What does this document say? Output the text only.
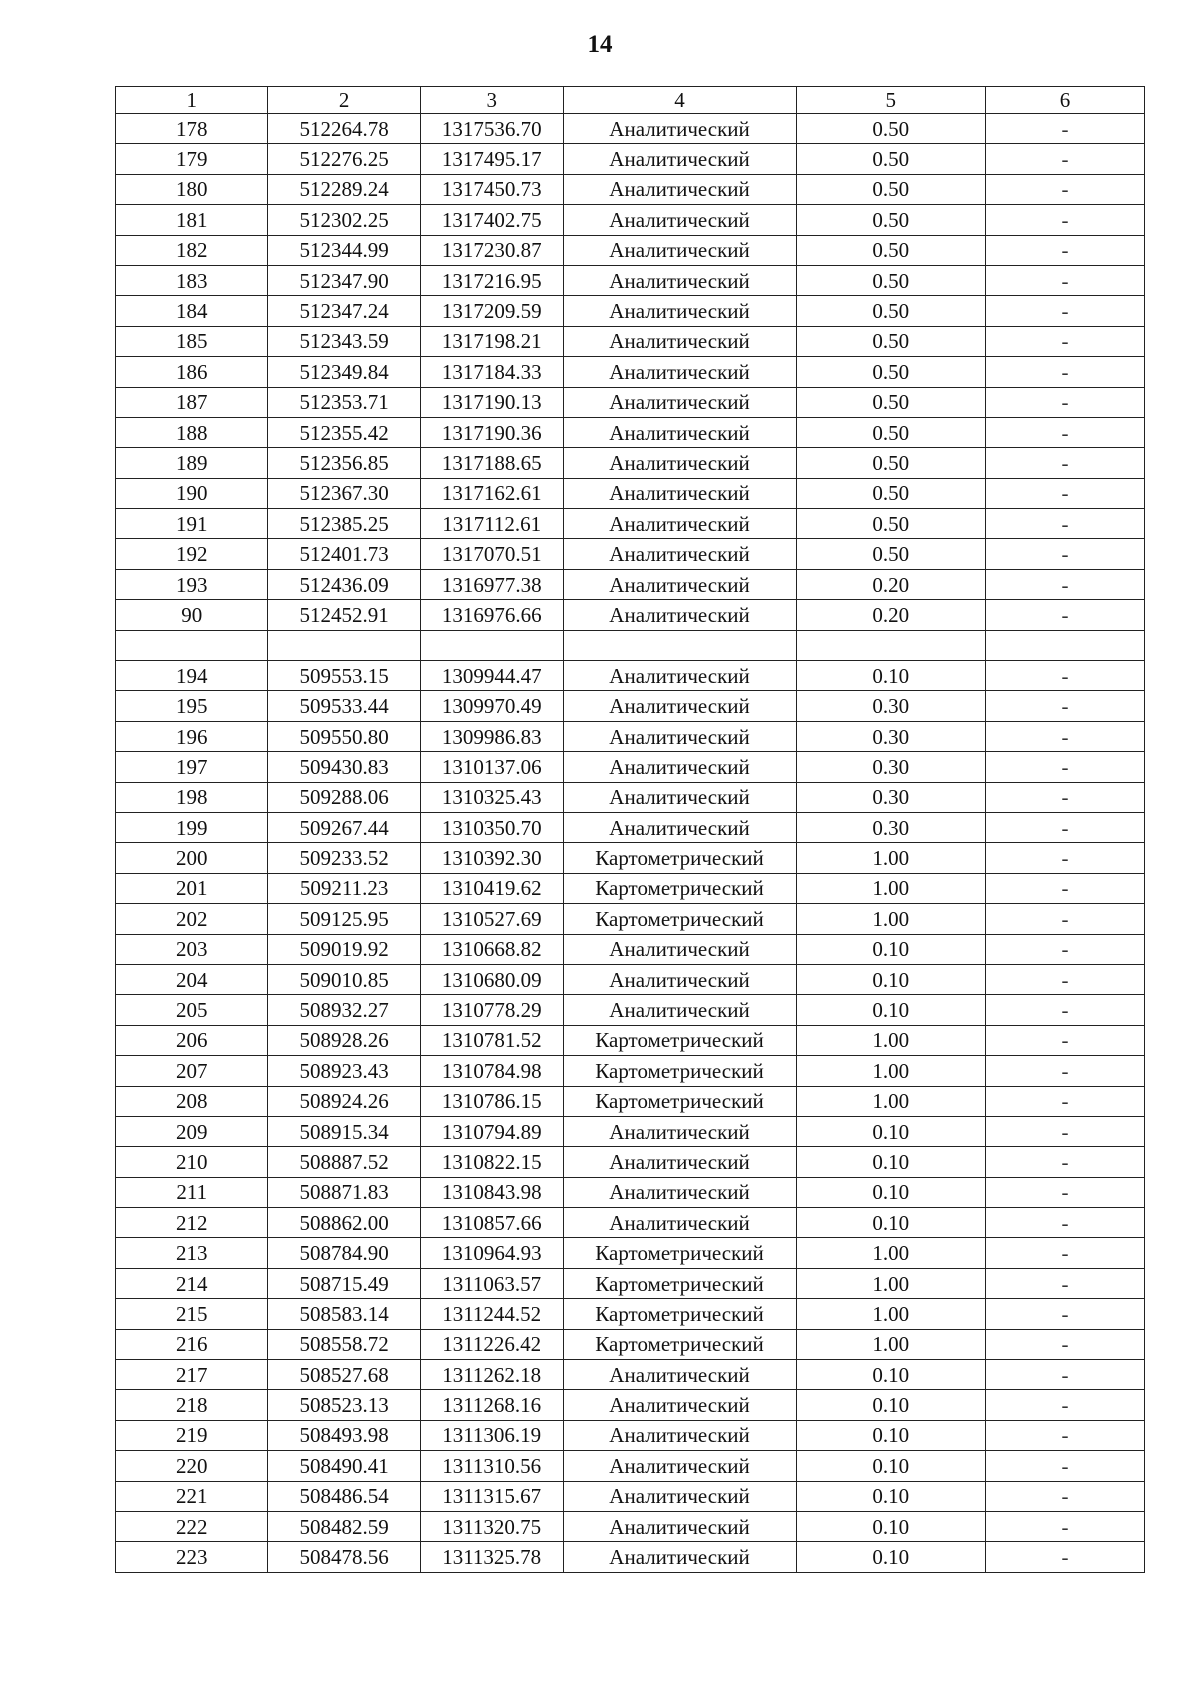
14
1	2	3	4	5	6
178	512264.78	1317536.70	Аналитический	0.50	-
179	512276.25	1317495.17	Аналитический	0.50	-
180	512289.24	1317450.73	Аналитический	0.50	-
181	512302.25	1317402.75	Аналитический	0.50	-
182	512344.99	1317230.87	Аналитический	0.50	-
183	512347.90	1317216.95	Аналитический	0.50	-
184	512347.24	1317209.59	Аналитический	0.50	-
185	512343.59	1317198.21	Аналитический	0.50	-
186	512349.84	1317184.33	Аналитический	0.50	-
187	512353.71	1317190.13	Аналитический	0.50	-
188	512355.42	1317190.36	Аналитический	0.50	-
189	512356.85	1317188.65	Аналитический	0.50	-
190	512367.30	1317162.61	Аналитический	0.50	-
191	512385.25	1317112.61	Аналитический	0.50	-
192	512401.73	1317070.51	Аналитический	0.50	-
193	512436.09	1316977.38	Аналитический	0.20	-
90	512452.91	1316976.66	Аналитический	0.20	-

194	509553.15	1309944.47	Аналитический	0.10	-
195	509533.44	1309970.49	Аналитический	0.30	-
196	509550.80	1309986.83	Аналитический	0.30	-
197	509430.83	1310137.06	Аналитический	0.30	-
198	509288.06	1310325.43	Аналитический	0.30	-
199	509267.44	1310350.70	Аналитический	0.30	-
200	509233.52	1310392.30	Картометрический	1.00	-
201	509211.23	1310419.62	Картометрический	1.00	-
202	509125.95	1310527.69	Картометрический	1.00	-
203	509019.92	1310668.82	Аналитический	0.10	-
204	509010.85	1310680.09	Аналитический	0.10	-
205	508932.27	1310778.29	Аналитический	0.10	-
206	508928.26	1310781.52	Картометрический	1.00	-
207	508923.43	1310784.98	Картометрический	1.00	-
208	508924.26	1310786.15	Картометрический	1.00	-
209	508915.34	1310794.89	Аналитический	0.10	-
210	508887.52	1310822.15	Аналитический	0.10	-
211	508871.83	1310843.98	Аналитический	0.10	-
212	508862.00	1310857.66	Аналитический	0.10	-
213	508784.90	1310964.93	Картометрический	1.00	-
214	508715.49	1311063.57	Картометрический	1.00	-
215	508583.14	1311244.52	Картометрический	1.00	-
216	508558.72	1311226.42	Картометрический	1.00	-
217	508527.68	1311262.18	Аналитический	0.10	-
218	508523.13	1311268.16	Аналитический	0.10	-
219	508493.98	1311306.19	Аналитический	0.10	-
220	508490.41	1311310.56	Аналитический	0.10	-
221	508486.54	1311315.67	Аналитический	0.10	-
222	508482.59	1311320.75	Аналитический	0.10	-
223	508478.56	1311325.78	Аналитический	0.10	-
